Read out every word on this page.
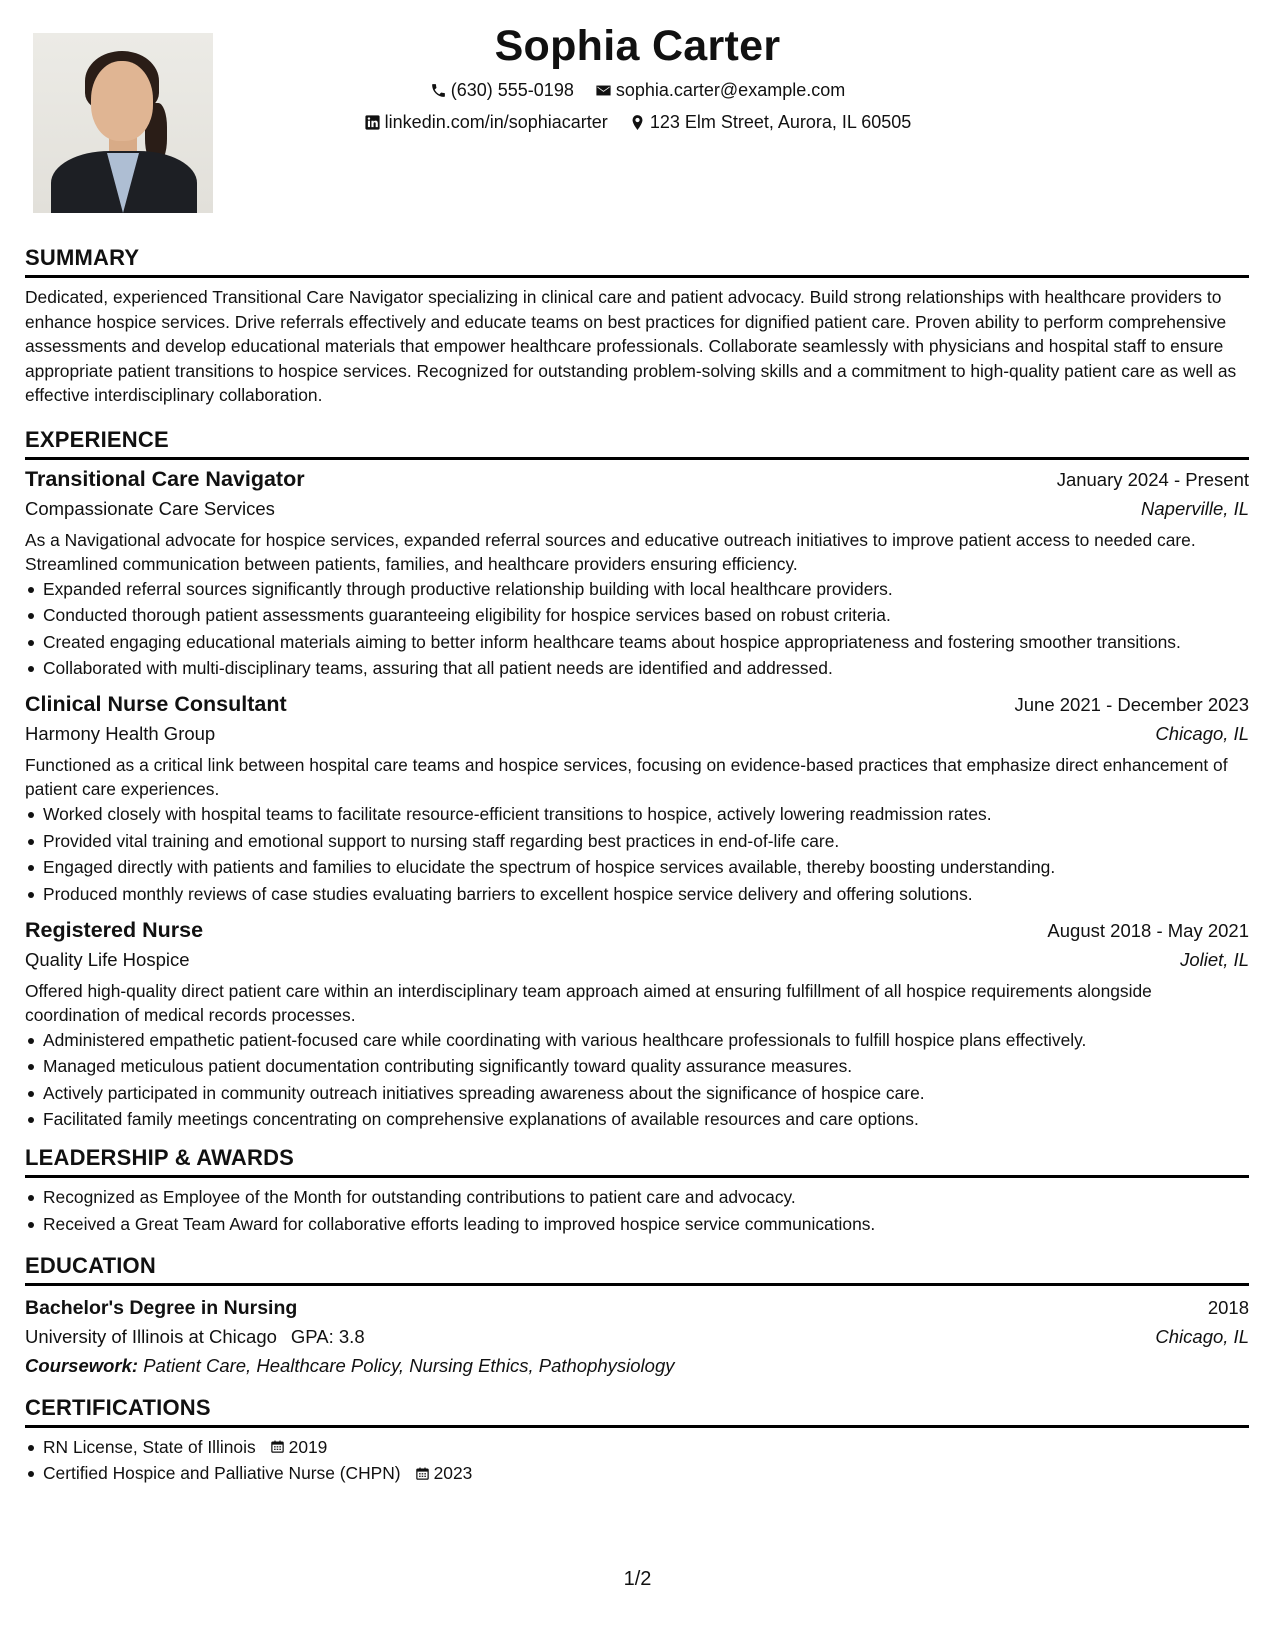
Sophia Carter
(630) 555-0198
sophia.carter@example.com
linkedin.com/in/sophiacarter
123 Elm Street, Aurora, IL 60505
SUMMARY

Dedicated, experienced Transitional Care Navigator specializing in clinical care and patient advocacy. Build strong relationships with healthcare providers to enhance hospice services. Drive referrals effectively and educate teams on best practices for dignified patient care. Proven ability to perform comprehensive assessments and develop educational materials that empower healthcare professionals. Collaborate seamlessly with physicians and hospital staff to ensure appropriate patient transitions to hospice services. Recognized for outstanding problem-solving skills and a commitment to high-quality patient care as well as effective interdisciplinary collaboration.

EXPERIENCE
Transitional Care Navigator	January 2024 - Present
Compassionate Care Services	Naperville, IL

As a Navigational advocate for hospice services, expanded referral sources and educative outreach initiatives to improve patient access to needed care. Streamlined communication between patients, families, and healthcare providers ensuring efficiency.

Expanded referral sources significantly through productive relationship building with local healthcare providers.
Conducted thorough patient assessments guaranteeing eligibility for hospice services based on robust criteria.
Created engaging educational materials aiming to better inform healthcare teams about hospice appropriateness and fostering smoother transitions.
Collaborated with multi-disciplinary teams, assuring that all patient needs are identified and addressed.
Clinical Nurse Consultant	June 2021 - December 2023
Harmony Health Group	Chicago, IL

Functioned as a critical link between hospital care teams and hospice services, focusing on evidence-based practices that emphasize direct enhancement of patient care experiences.

Worked closely with hospital teams to facilitate resource-efficient transitions to hospice, actively lowering readmission rates.
Provided vital training and emotional support to nursing staff regarding best practices in end-of-life care.
Engaged directly with patients and families to elucidate the spectrum of hospice services available, thereby boosting understanding.
Produced monthly reviews of case studies evaluating barriers to excellent hospice service delivery and offering solutions.
Registered Nurse	August 2018 - May 2021
Quality Life Hospice	Joliet, IL

Offered high-quality direct patient care within an interdisciplinary team approach aimed at ensuring fulfillment of all hospice requirements alongside coordination of medical records processes.

Administered empathetic patient-focused care while coordinating with various healthcare professionals to fulfill hospice plans effectively.
Managed meticulous patient documentation contributing significantly toward quality assurance measures.
Actively participated in community outreach initiatives spreading awareness about the significance of hospice care.
Facilitated family meetings concentrating on comprehensive explanations of available resources and care options.
LEADERSHIP & AWARDS
Recognized as Employee of the Month for outstanding contributions to patient care and advocacy.
Received a Great Team Award for collaborative efforts leading to improved hospice service communications.
EDUCATION
Bachelor's Degree in Nursing	2018
University of Illinois at Chicago GPA: 3.8	Chicago, IL
Coursework: Patient Care, Healthcare Policy, Nursing Ethics, Pathophysiology
CERTIFICATIONS
RN License, State of Illinois 2019
Certified Hospice and Palliative Nurse (CHPN) 2023
1/2
